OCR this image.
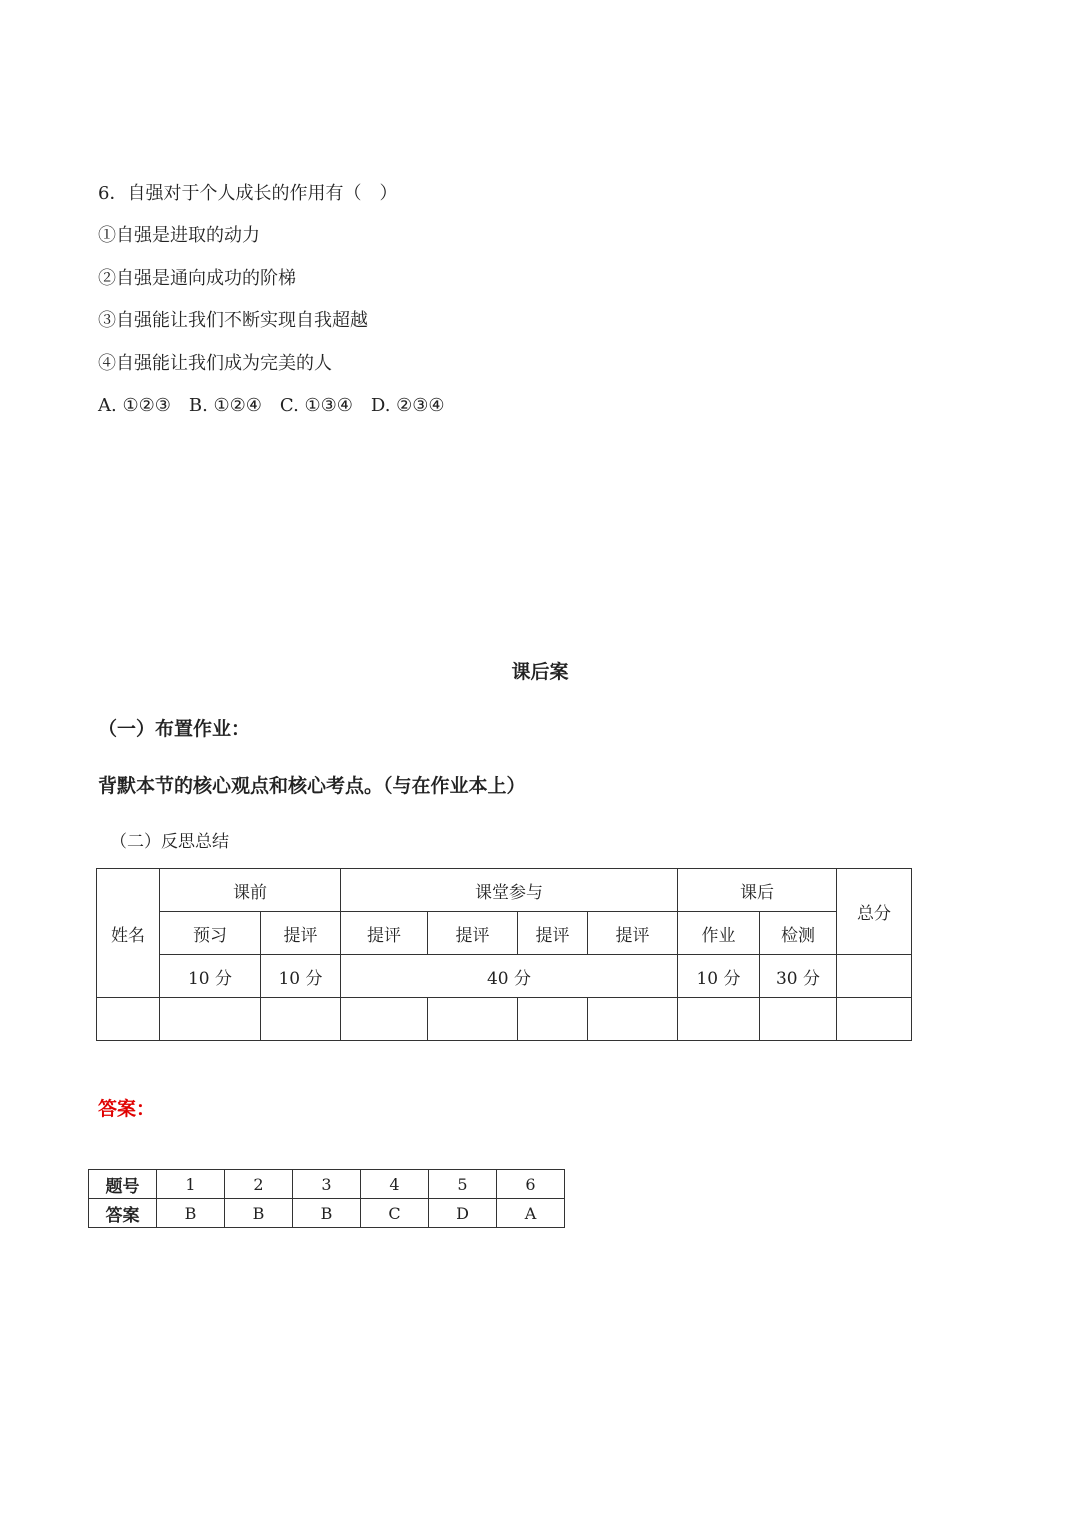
6．自强对于个人成长的作用有（　）
①自强是进取的动力
②自强是通向成功的阶梯
③自强能让我们不断实现自我超越
④自强能让我们成为完美的人
A. ①②③　B. ①②④　C. ①③④　D. ②③④
课后案
（一）布置作业：
背默本节的核心观点和核心考点。（与在作业本上）
（二）反思总结
姓名	课前		课堂参与				课后		总分
	预习	提评	提评	提评	提评	提评	作业	检测	
	10 分	10 分	40 分				10 分	30 分	

答案：
题号	1	2	3	4	5	6
答案	B	B	B	C	D	A
